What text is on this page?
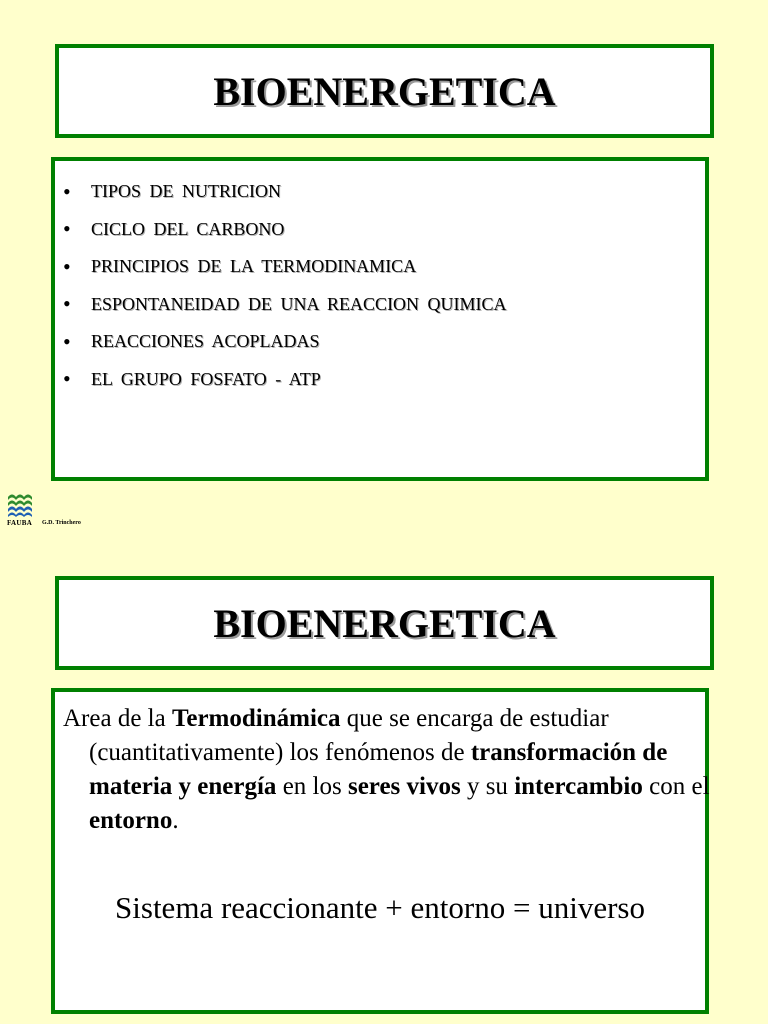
BIOENERGETICA
•	TIPOS DE NUTRICION
•	CICLO DEL CARBONO
•	PRINCIPIOS DE LA TERMODINAMICA
•	ESPONTANEIDAD DE UNA REACCION QUIMICA
•	REACCIONES ACOPLADAS
•	EL GRUPO FOSFATO - ATP
FAUBA G.D. Trinchero
BIOENERGETICA

Area de la Termodinámica que se encarga de estudiar (cuantitativamente) los fenómenos de transformación de materia y energía en los seres vivos y su intercambio con el entorno.

Sistema reaccionante + entorno = universo
